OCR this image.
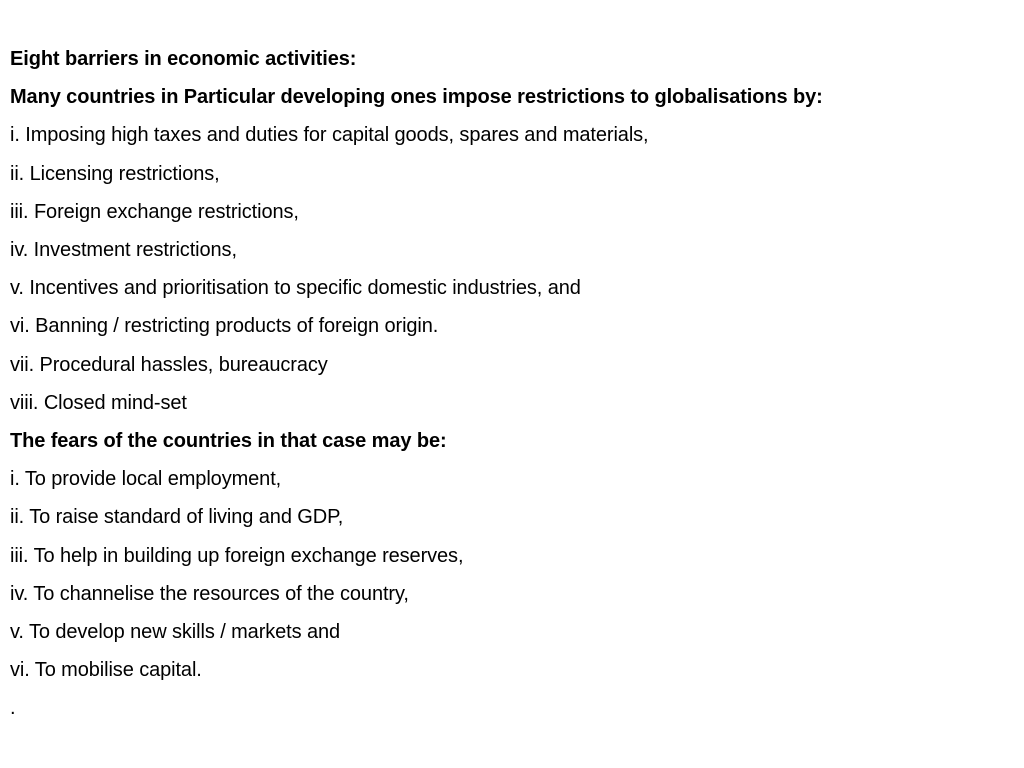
Eight barriers in economic activities:
Many countries in Particular developing ones impose restrictions to globalisations by:
i. Imposing high taxes and duties for capital goods, spares and materials,
ii. Licensing restrictions,
iii. Foreign exchange restrictions,
iv. Investment restrictions,
v. Incentives and prioritisation to specific domestic industries, and
vi. Banning / restricting products of foreign origin.
vii. Procedural hassles, bureaucracy
viii. Closed mind-set
The fears of the countries in that case may be:
i. To provide local employment,
ii. To raise standard of living and GDP,
iii. To help in building up foreign exchange reserves,
iv. To channelise the resources of the country,
v. To develop new skills / markets and
vi. To mobilise capital.
.
